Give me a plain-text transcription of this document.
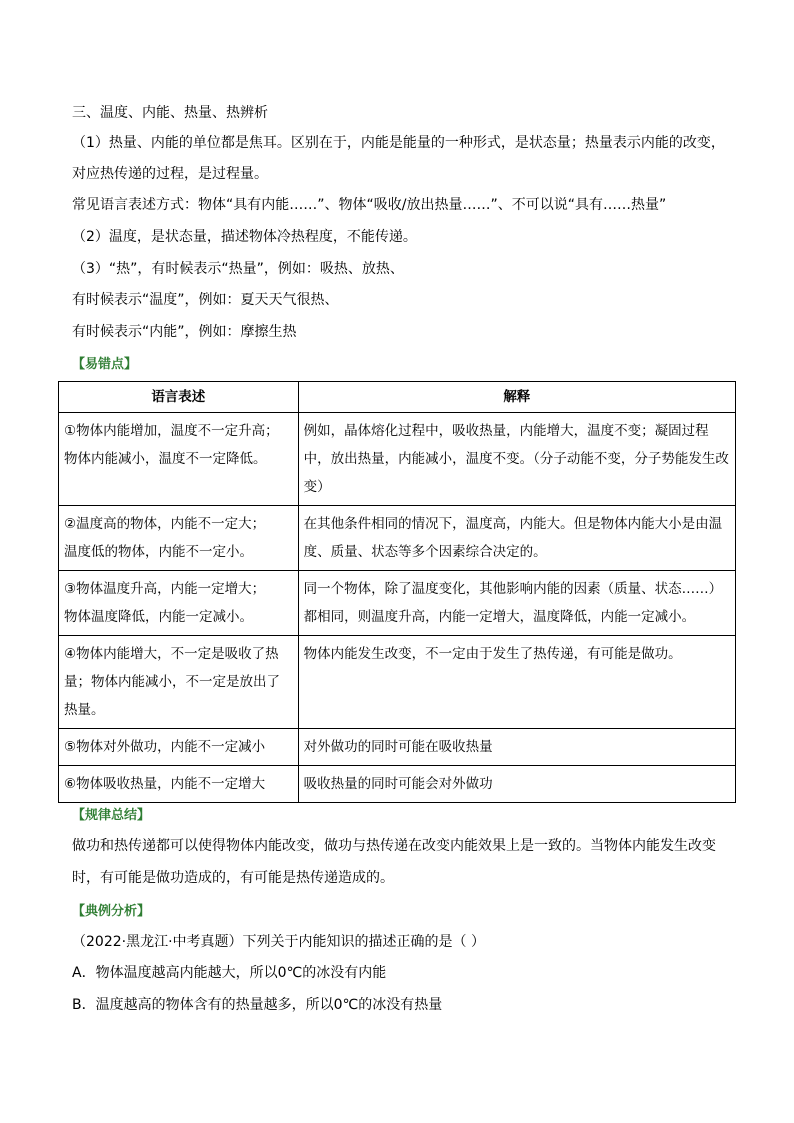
三、温度、内能、热量、热辨析
（1）热量、内能的单位都是焦耳。区别在于，内能是能量的一种形式，是状态量；热量表示内能的改变，
对应热传递的过程，是过程量。
常见语言表述方式：物体“具有内能……”、物体“吸收/放出热量……”、不可以说“具有……热量”
（2）温度，是状态量，描述物体冷热程度，不能传递。
（3）“热”，有时候表示“热量”，例如：吸热、放热、
有时候表示“温度”，例如：夏天天气很热、
有时候表示“内能”，例如：摩擦生热
【易错点】
语言表述	解释
①物体内能增加，温度不一定升高；
物体内能减小，温度不一定降低。	例如，晶体熔化过程中，吸收热量，内能增大，温度不变；凝固过程中，放出热量，内能减小，温度不变。（分子动能不变，分子势能发生改变）
②温度高的物体，内能不一定大；
温度低的物体，内能不一定小。	在其他条件相同的情况下，温度高，内能大。但是物体内能大小是由温度、质量、状态等多个因素综合决定的。
③物体温度升高，内能一定增大；
物体温度降低，内能一定减小。	同一个物体，除了温度变化，其他影响内能的因素（质量、状态……）都相同，则温度升高，内能一定增大，温度降低，内能一定减小。
④物体内能增大，不一定是吸收了热量；物体内能减小，不一定是放出了热量。	物体内能发生改变，不一定由于发生了热传递，有可能是做功。
⑤物体对外做功，内能不一定减小	对外做功的同时可能在吸收热量
⑥物体吸收热量，内能不一定增大	吸收热量的同时可能会对外做功
【规律总结】
做功和热传递都可以使得物体内能改变，做功与热传递在改变内能效果上是一致的。当物体内能发生改变
时，有可能是做功造成的，有可能是热传递造成的。
【典例分析】
（2022·黑龙江·中考真题）下列关于内能知识的描述正确的是（ ）
A．物体温度越高内能越大，所以0℃的冰没有内能
B．温度越高的物体含有的热量越多，所以0℃的冰没有热量
